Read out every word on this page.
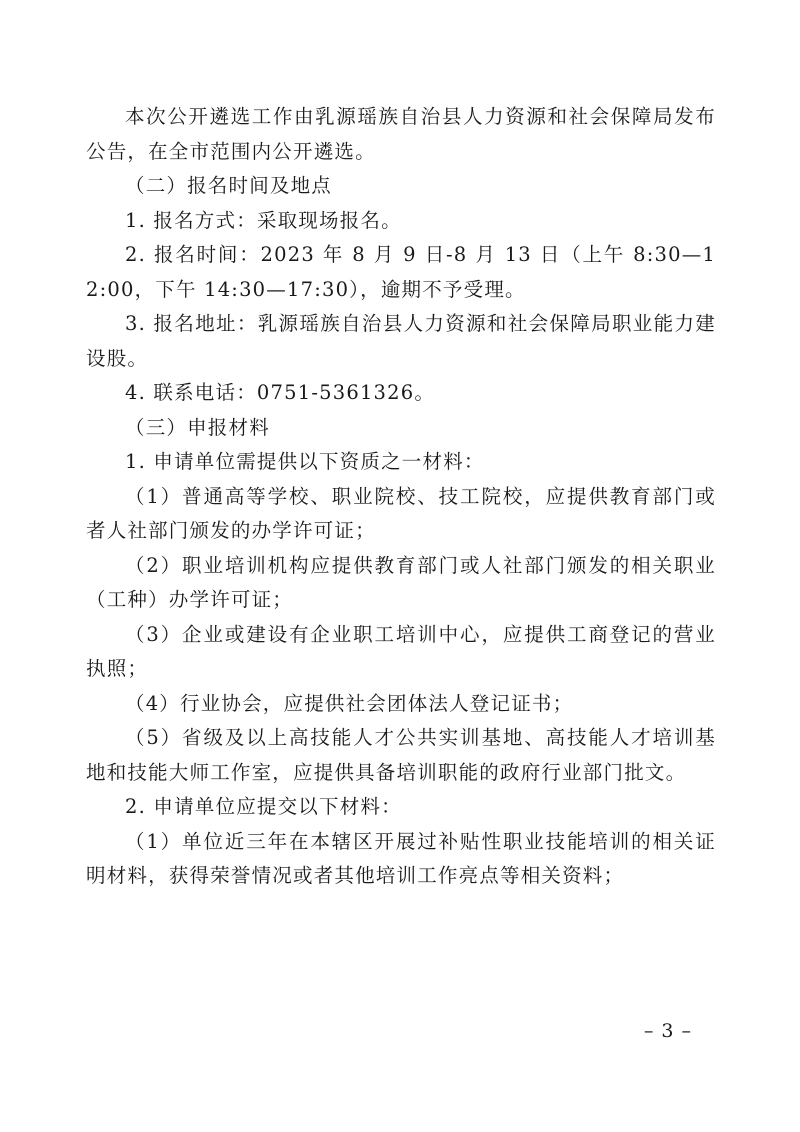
本次公开遴选工作由乳源瑶族自治县人力资源和社会保障局发布公告，在全市范围内公开遴选。

（二）报名时间及地点

1. 报名方式：采取现场报名。

2. 报名时间：2023 年 8 月 9 日-8 月 13 日（上午 8:30—12:00，下午 14:30—17:30），逾期不予受理。

3. 报名地址：乳源瑶族自治县人力资源和社会保障局职业能力建设股。

4. 联系电话：0751-5361326。

（三）申报材料

1. 申请单位需提供以下资质之一材料：

（1）普通高等学校、职业院校、技工院校，应提供教育部门或者人社部门颁发的办学许可证；

（2）职业培训机构应提供教育部门或人社部门颁发的相关职业（工种）办学许可证；

（3）企业或建设有企业职工培训中心，应提供工商登记的营业执照；

（4）行业协会，应提供社会团体法人登记证书；

（5）省级及以上高技能人才公共实训基地、高技能人才培训基地和技能大师工作室，应提供具备培训职能的政府行业部门批文。

2. 申请单位应提交以下材料：

（1）单位近三年在本辖区开展过补贴性职业技能培训的相关证明材料，获得荣誉情况或者其他培训工作亮点等相关资料；

– 3 –
